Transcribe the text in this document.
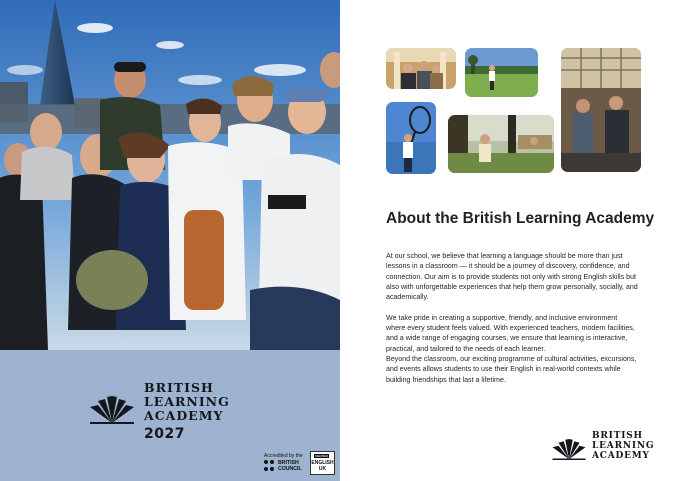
BRITISH
LEARNING
ACADEMY
2027
Accredited by the
BRITISH
COUNCIL
MEMBER
ENGLISH
UK
About the British Learning Academy

At our school, we believe that learning a language should be more than just lessons in a classroom — it should be a journey of discovery, confidence, and connection. Our aim is to provide students not only with strong English skills but also with unforgettable experiences that help them grow personally, socially, and academically.

We take pride in creating a supportive, friendly, and inclusive environment where every student feels valued. With experienced teachers, modern facilities, and a wide range of engaging courses, we ensure that learning is interactive, practical, and tailored to the needs of each learner.

Beyond the classroom, our exciting programme of cultural activities, excursions, and events allows students to use their English in real-world contexts while building friendships that last a lifetime.

BRITISH
LEARNING
ACADEMY
